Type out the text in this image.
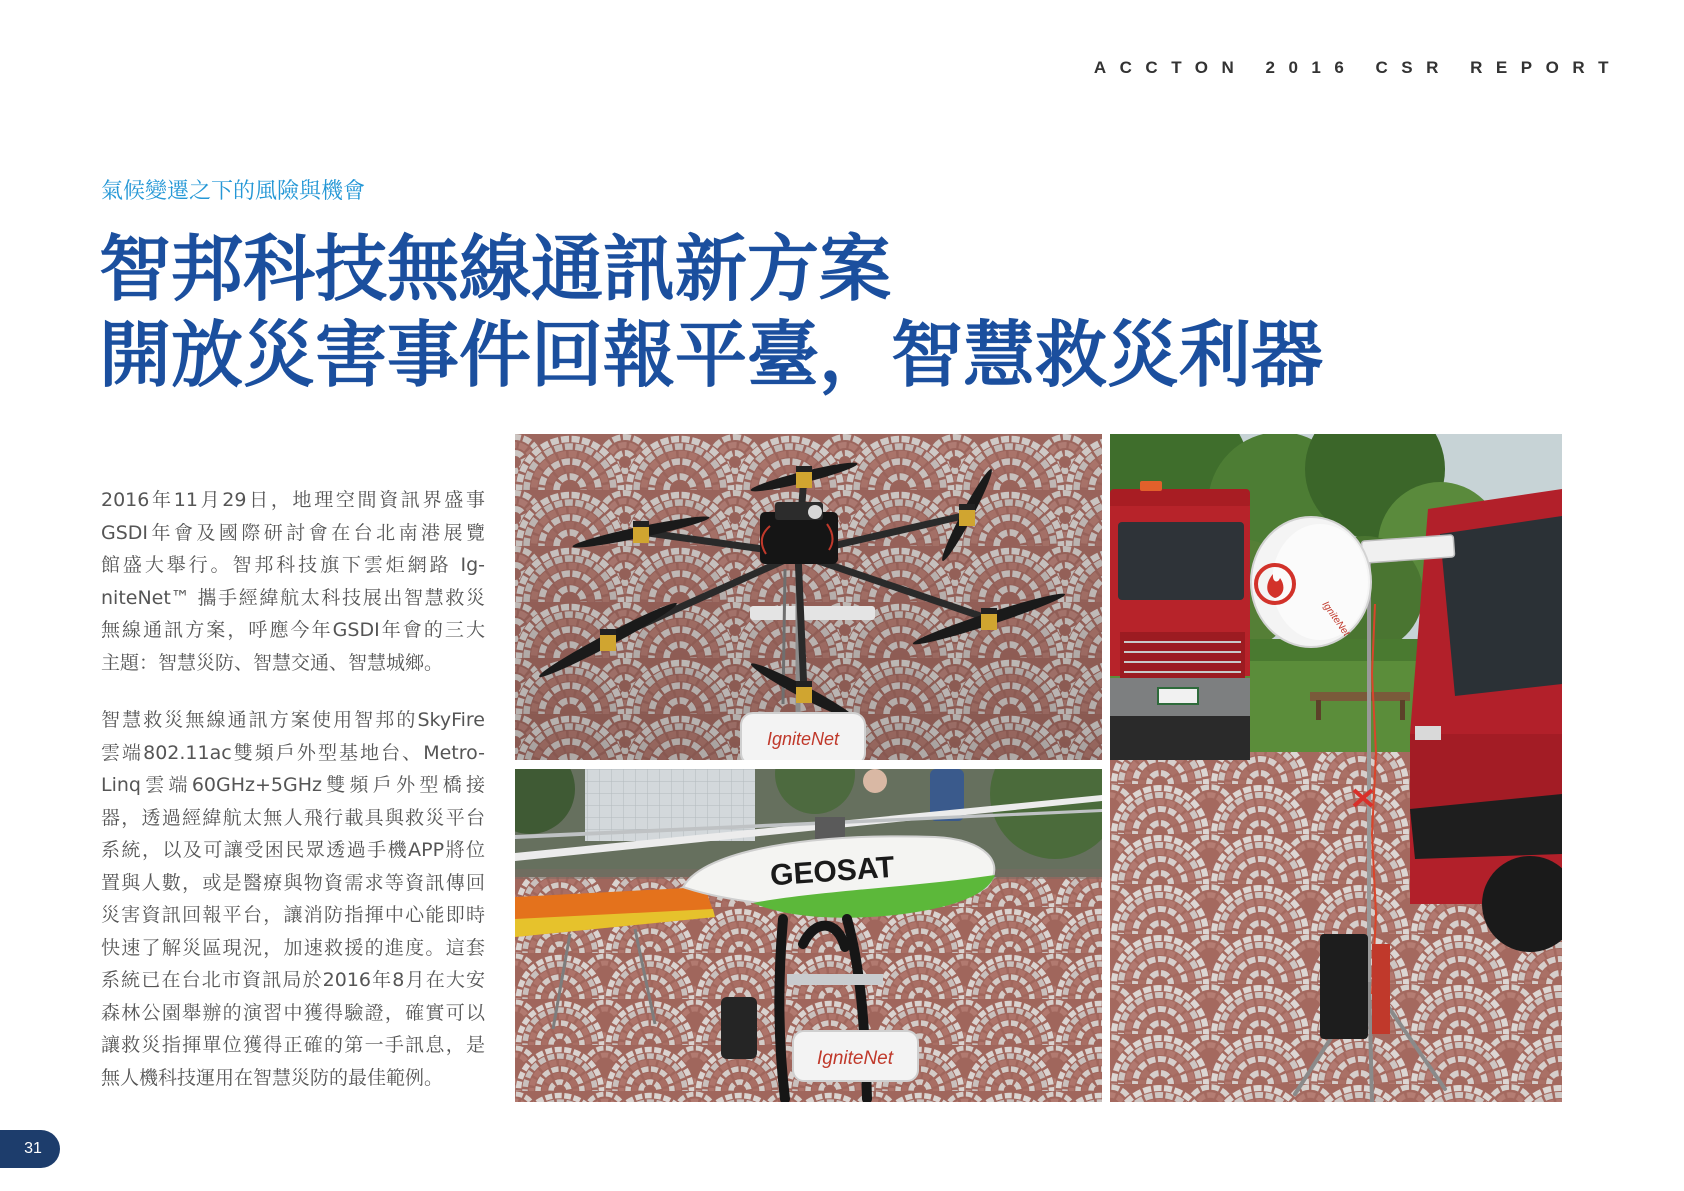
ACCTON 2016 CSR REPORT
氣候變遷之下的風險與機會
智邦科技無線通訊新方案
開放災害事件回報平臺，智慧救災利器
2016年11月29日，地理空間資訊界盛事
GSDI年會及國際研討會在台北南港展覽
館盛大舉行。智邦科技旗下雲炬網路 Ig-
niteNet™ 攜手經緯航太科技展出智慧救災
無線通訊方案，呼應今年GSDI年會的三大
主題：智慧災防、智慧交通、智慧城鄉。
智慧救災無線通訊方案使用智邦的SkyFire
雲端802.11ac雙頻戶外型基地台、Metro-
Linq雲端60GHz+5GHz雙頻戶外型橋接
器，透過經緯航太無人飛行載具與救災平台
系統，以及可讓受困民眾透過手機APP將位
置與人數，或是醫療與物資需求等資訊傳回
災害資訊回報平台，讓消防指揮中心能即時
快速了解災區現況，加速救援的進度。這套
系統已在台北市資訊局於2016年8月在大安
森林公園舉辦的演習中獲得驗證，確實可以
讓救災指揮單位獲得正確的第一手訊息，是
無人機科技運用在智慧災防的最佳範例。
IgniteNet
GEOSAT
IgniteNet
IgniteNet
31
